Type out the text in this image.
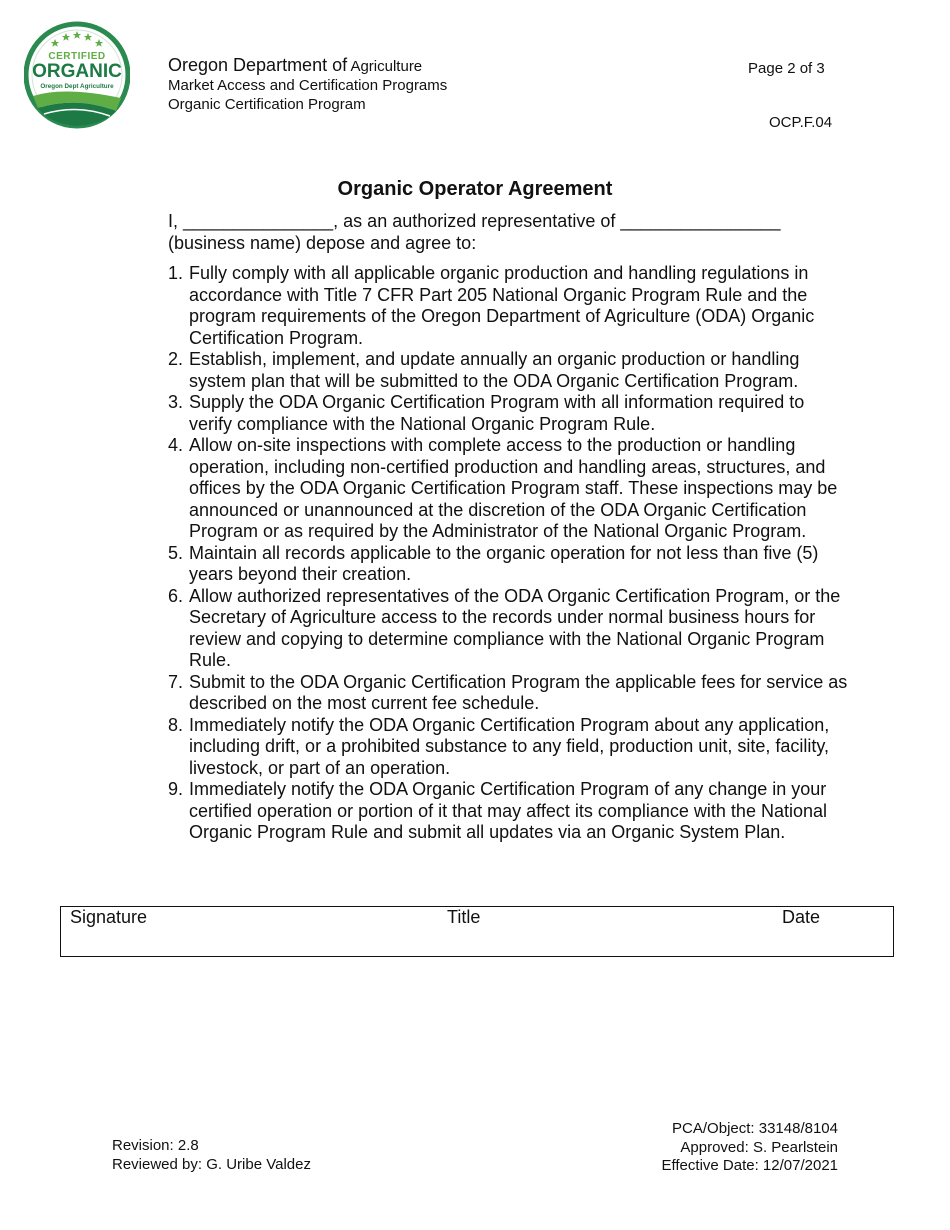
CERTIFIED
ORGANIC
Oregon Dept Agriculture
Oregon Department of Agriculture
Market Access and Certification Programs
Organic Certification Program
Page 2 of 3
OCP.F.04
Organic Operator Agreement
I, _______________, as an authorized representative of ________________
(business name) depose and agree to:
1. Fully comply with all applicable organic production and handling regulations in accordance with Title 7 CFR Part 205 National Organic Program Rule and the program requirements of the Oregon Department of Agriculture (ODA) Organic Certification Program.
2. Establish, implement, and update annually an organic production or handling system plan that will be submitted to the ODA Organic Certification Program.
3. Supply the ODA Organic Certification Program with all information required to verify compliance with the National Organic Program Rule.
4. Allow on-site inspections with complete access to the production or handling operation, including non-certified production and handling areas, structures, and offices by the ODA Organic Certification Program staff. These inspections may be announced or unannounced at the discretion of the ODA Organic Certification Program or as required by the Administrator of the National Organic Program.
5. Maintain all records applicable to the organic operation for not less than five (5) years beyond their creation.
6. Allow authorized representatives of the ODA Organic Certification Program, or the Secretary of Agriculture access to the records under normal business hours for review and copying to determine compliance with the National Organic Program Rule.
7. Submit to the ODA Organic Certification Program the applicable fees for service as described on the most current fee schedule.
8. Immediately notify the ODA Organic Certification Program about any application, including drift, or a prohibited substance to any field, production unit, site, facility, livestock, or part of an operation.
9. Immediately notify the ODA Organic Certification Program of any change in your certified operation or portion of it that may affect its compliance with the National Organic Program Rule and submit all updates via an Organic System Plan.
Signature	Title	Date
Revision: 2.8
Reviewed by: G. Uribe Valdez
PCA/Object: 33148/8104
Approved: S. Pearlstein
Effective Date: 12/07/2021
